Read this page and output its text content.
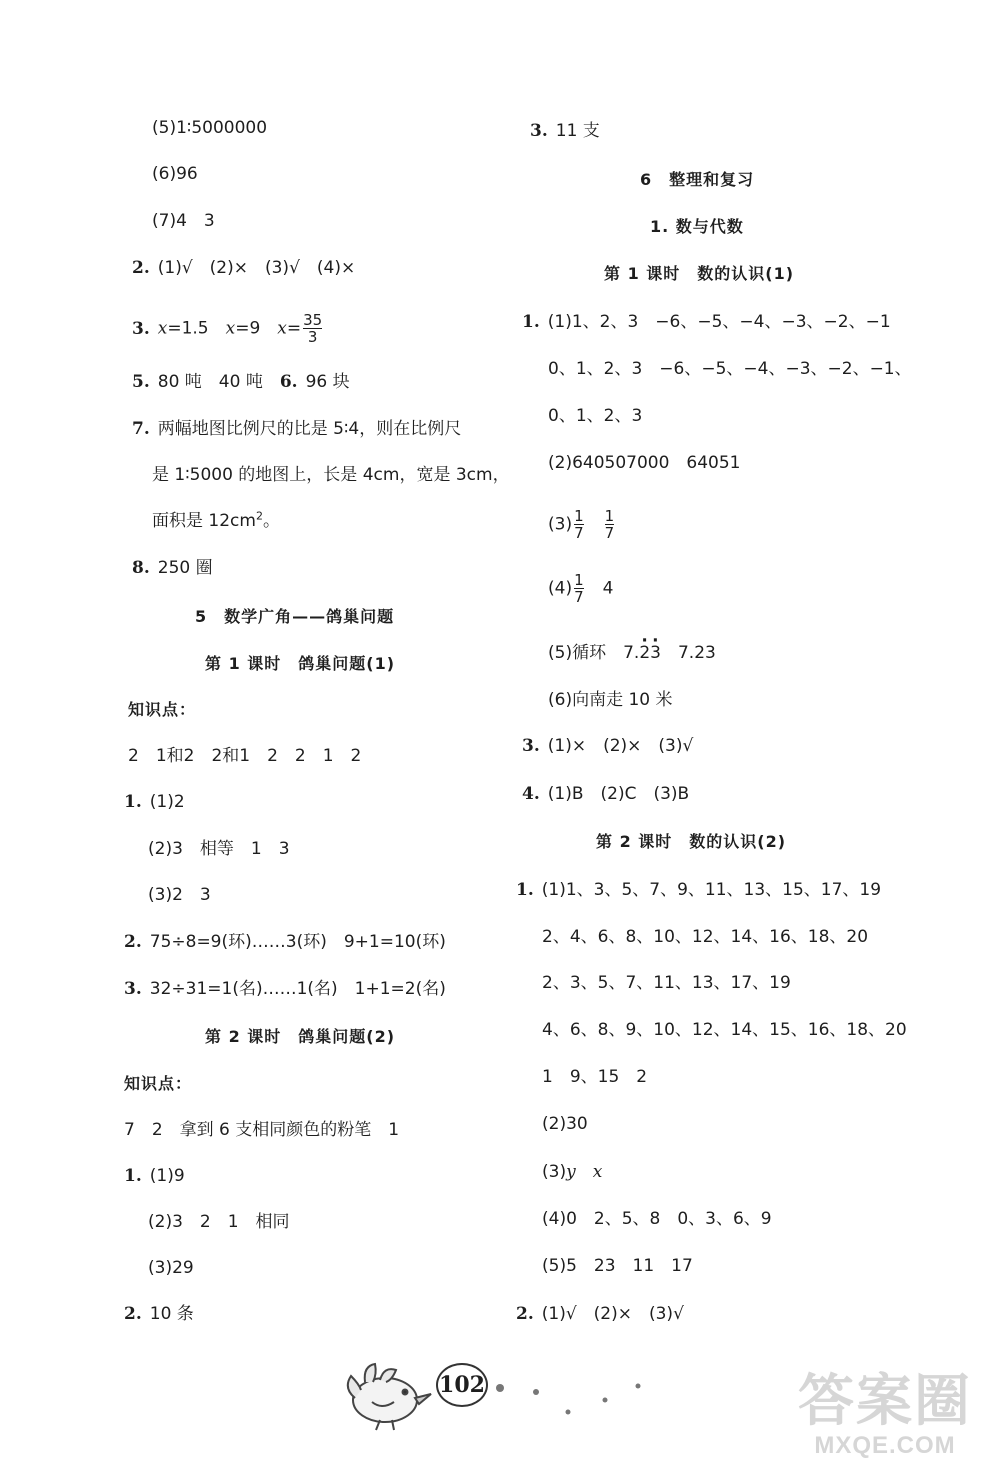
(5)1∶5000000
(6)96
(7)4　3
2. (1)√　(2)×　(3)√　(4)×
3. x=1.5　x=9　$x= \frac{35}{3}$
5. 80 吨　40 吨　6. 96 块
7. 两幅地图比例尺的比是 5∶4，则在比例尺
是 1∶5000 的地图上，长是 4cm，宽是 3cm，
面积是 $12cm^2$。
8. 250 圈
5　数学广角——鸽巢问题
第 1 课时　鸽巢问题(1)
知识点：
2　1和2　2和1　2　2　1　2
1. (1)2
(2)3　相等　1　3
(3)2　3
2. 75÷8=9(环)……3(环)　9+1=10(环)
3. 32÷31=1(名)……1(名)　1+1=2(名)
第 2 课时　鸽巢问题(2)
知识点：
7　2　拿到 6 支相同颜色的粉笔　1
1. (1)9
(2)3　2　1　相同
(3)29
2. 10 条
3. 11 支
6　整理和复习
1. 数与代数
第 1 课时　数的认识(1)
1. (1)1、2、3　−6、−5、−4、−3、−2、−1
0、1、2、3　−6、−5、−4、−3、−2、−1、
0、1、2、3
(2)640507000　64051
$(3) \frac{1}{7}$
　 $\frac{1}{7}$
$(4) \frac{1}{7}$
　 4
(5)循环　7.· 2· 3　7.23
(6)向南走 10 米
3. (1)×　(2)×　(3)√
4. (1)B　(2)C　(3)B
第 2 课时　数的认识(2)
1. (1)1、3、5、7、9、11、13、15、17、19
2、4、6、8、10、12、14、16、18、20
2、3、5、7、11、13、17、19
4、6、8、9、10、12、14、15、16、18、20
1　9、15　2
(2)30
(3)y　 x
(4)0　2、5、8　0、3、6、9
(5)5　23　11　17
2. (1)√　(2)×　(3)√
102	答案圈
MXQE.COM
